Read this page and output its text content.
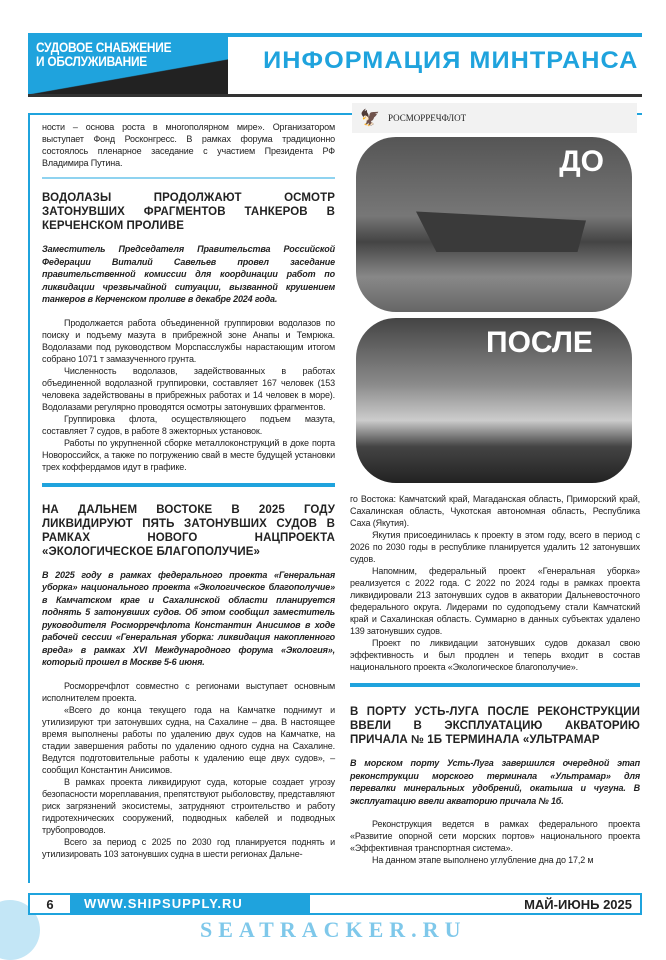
СУДОВОЕ СНАБЖЕНИЕ
И ОБСЛУЖИВАНИЕ	ИНФОРМАЦИЯ МИНТРАНСА

ности – основа роста в многополярном мире». Организатором выступает Фонд Росконгресс. В рамках форума традиционно состоялось пленарное заседание с участием Президента РФ Владимира Путина.

ВОДОЛАЗЫ ПРОДОЛЖАЮТ ОСМОТР ЗАТОНУВШИХ ФРАГМЕНТОВ ТАНКЕРОВ В КЕРЧЕНСКОМ ПРОЛИВЕ

Заместитель Председателя Правительства Российской Федерации Виталий Савельев провел заседание правительственной комиссии для координации работ по ликвидации чрезвычайной ситуации, вызванной крушением танкеров в Керченском проливе в декабре 2024 года.

Продолжается работа объединенной группировки водолазов по поиску и подъему мазута в прибрежной зоне Анапы и Темрюка. Водолазами под руководством Морспасслужбы нарастающим итогом собрано 1071 т замазученного грунта.

Численность водолазов, задействованных в работах объединенной водолазной группировки, составляет 167 человек (153 человека задействованы в прибрежных работах и 14 человек в море). Водолазами регулярно проводятся осмотры затонувших фрагментов.

Группировка флота, осуществляющего подъем мазута, составляет 7 судов, в работе 8 эжекторных установок.

Работы по укрупненной сборке металлоконструкций в доке порта Новороссийск, а также по погружению свай в месте будущей установки трех коффердамов идут в графике.

НА ДАЛЬНЕМ ВОСТОКЕ В 2025 ГОДУ ЛИКВИДИРУЮТ ПЯТЬ ЗАТОНУВШИХ СУДОВ В РАМКАХ НОВОГО НАЦПРОЕКТА «ЭКОЛОГИЧЕСКОЕ БЛАГОПОЛУЧИЕ»

В 2025 году в рамках федерального проекта «Генеральная уборка» национального проекта «Экологическое благополучие» в Камчатском крае и Сахалинской области планируется поднять 5 затонувших судов. Об этом сообщил заместитель руководителя Росморречфлота Константин Анисимов в ходе рабочей сессии «Генеральная уборка: ликвидация накопленного вреда» в рамках XVI Международного форума «Экология», который прошел в Москве 5-6 июня.

Росморречфлот совместно с регионами выступает основным исполнителем проекта.

«Всего до конца текущего года на Камчатке поднимут и утилизируют три затонувших судна, на Сахалине – два. В настоящее время выполнены работы по удалению двух судов на Камчатке, на стадии завершения работы по удалению одного судна на Сахалине. Ведутся подготовительные работы к удалению еще двух судов», – сообщил Константин Анисимов.

В рамках проекта ликвидируют суда, которые создает угрозу безопасности мореплавания, препятствуют рыболовству, представляют риск загрязнений экосистемы, затрудняют строительство и работу гидротехнических сооружений, подводных кабелей и подводных трубопроводов.

Всего за период с 2025 по 2030 год планируется поднять и утилизировать 103 затонувших судна в шести регионах Дальне-

🦅 РОСМОРРЕЧФЛОТ
ДО
ПОСЛЕ

го Востока: Камчатский край, Магаданская область, Приморский край, Сахалинская область, Чукотская автономная область, Республика Саха (Якутия).

Якутия присоединилась к проекту в этом году, всего в период с 2026 по 2030 годы в республике планируется удалить 12 затонувших судов.

Напомним, федеральный проект «Генеральная уборка» реализуется с 2022 года. С 2022 по 2024 годы в рамках проекта ликвидировали 213 затонувших судов в акватории Дальневосточного федерального округа. Лидерами по судоподъему стали Камчатский край и Сахалинская область. Суммарно в данных субъектах удалено 139 затонувших судов.

Проект по ликвидации затонувших судов доказал свою эффективность и был продлен и теперь входит в состав национального проекта «Экологическое благополучие».

В ПОРТУ УСТЬ-ЛУГА ПОСЛЕ РЕКОНСТРУКЦИИ ВВЕЛИ В ЭКСПЛУАТАЦИЮ АКВАТОРИЮ ПРИЧАЛА № 1Б ТЕРМИНАЛА «УЛЬТРАМАР

В морском порту Усть-Луга завершился очередной этап реконструкции морского терминала «Ультрамар» для перевалки минеральных удобрений, окатыша и чугуна. В эксплуатацию ввели акваторию причала № 1б.

Реконструкция ведется в рамках федерального проекта «Развитие опорной сети морских портов» национального проекта «Эффективная транспортная система».

На данном этапе выполнено углубление дна до 17,2 м

6	WWW.SHIPSUPPLY.RU	МАЙ-ИЮНЬ 2025
SEATRACKER.RU
